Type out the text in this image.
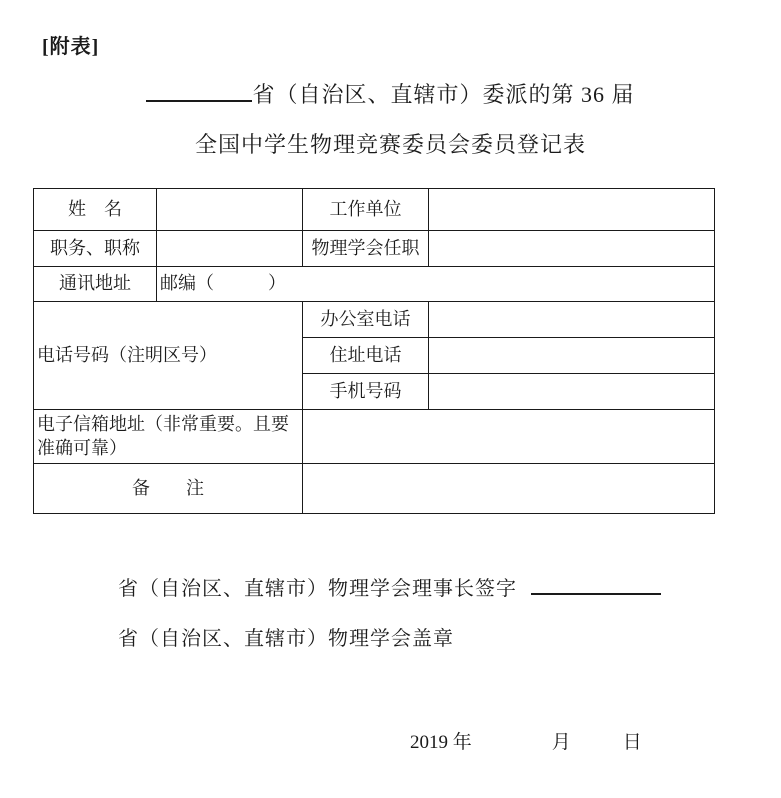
[附表]
省（自治区、直辖市）委派的第 36 届
全国中学生物理竞赛委员会委员登记表
姓　名		工作单位	
职务、职称		物理学会任职	
通讯地址	邮编（　　　）		
电话号码（注明区号）		办公室电话	
		住址电话	
		手机号码	
电子信箱地址（非常重要。且要准确可靠）			
备　　注			
省（自治区、直辖市）物理学会理事长签字
省（自治区、直辖市）物理学会盖章
2019 年	月	日
